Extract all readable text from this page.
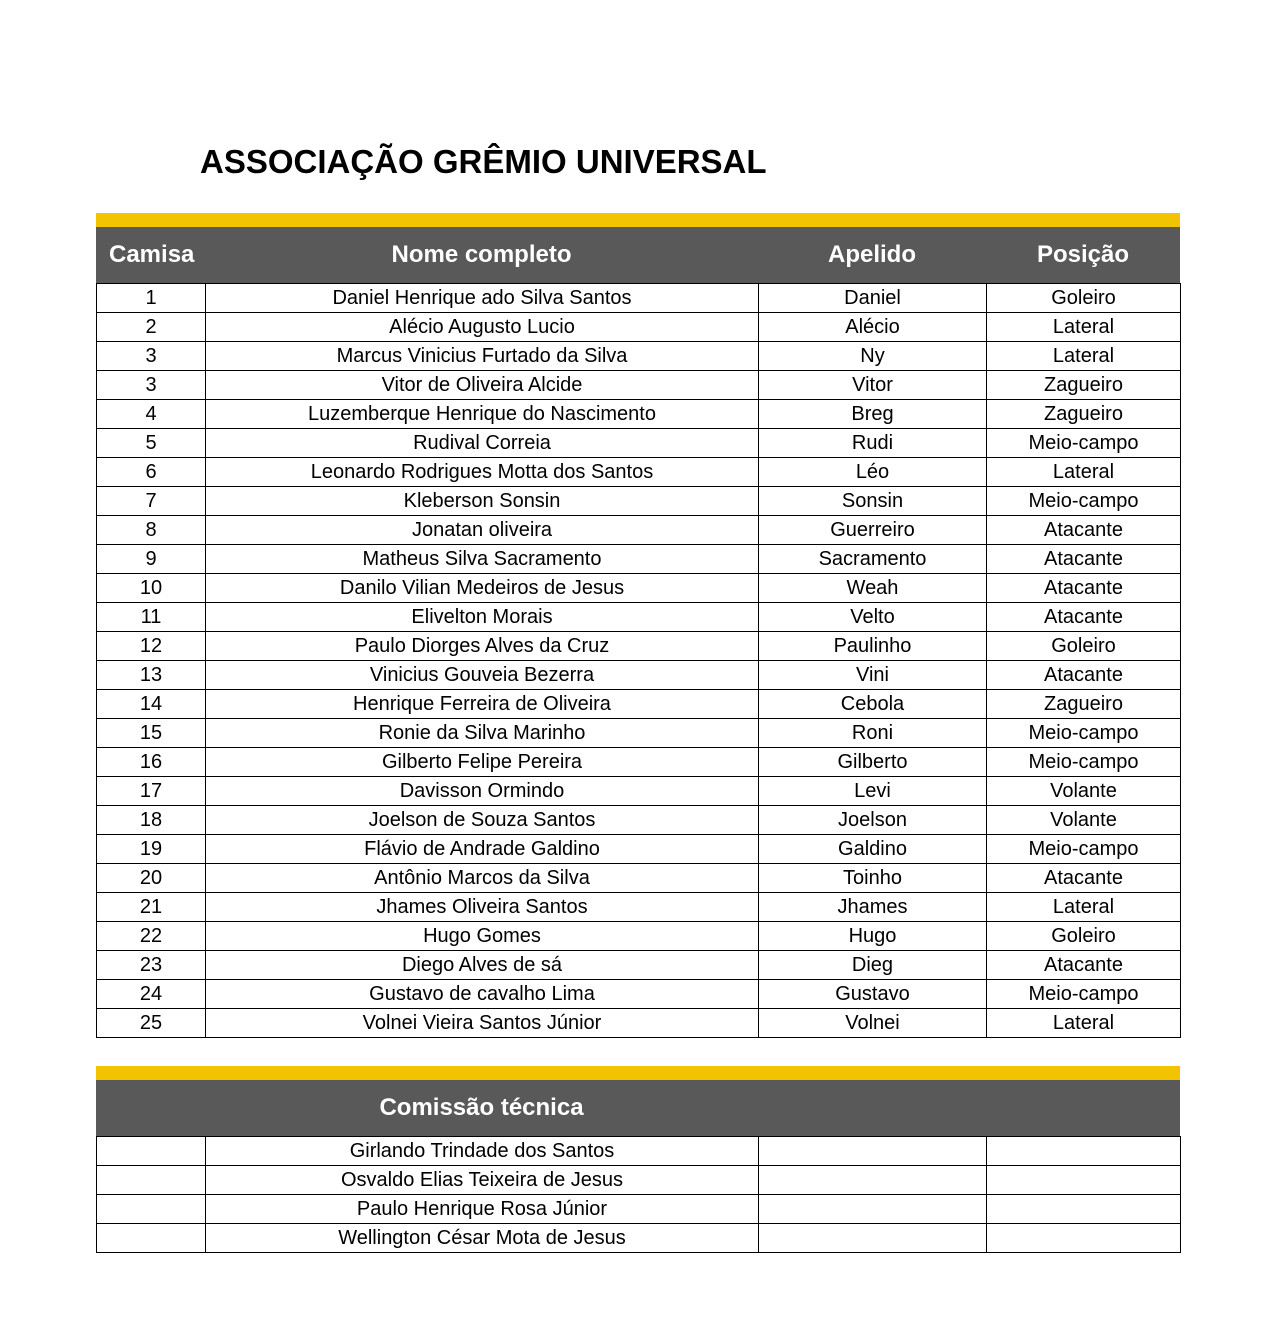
ASSOCIAÇÃO GRÊMIO UNIVERSAL
Camisa	Nome completo	Apelido	Posição
1	Daniel Henrique ado Silva Santos	Daniel	Goleiro
2	Alécio Augusto Lucio	Alécio	Lateral
3	Marcus Vinicius Furtado da Silva	Ny	Lateral
3	Vitor de Oliveira Alcide	Vitor	Zagueiro
4	Luzemberque Henrique do Nascimento	Breg	Zagueiro
5	Rudival Correia	Rudi	Meio-campo
6	Leonardo Rodrigues Motta dos Santos	Léo	Lateral
7	Kleberson Sonsin	Sonsin	Meio-campo
8	Jonatan oliveira	Guerreiro	Atacante
9	Matheus Silva Sacramento	Sacramento	Atacante
10	Danilo Vilian Medeiros de Jesus	Weah	Atacante
11	Elivelton Morais	Velto	Atacante
12	Paulo Diorges Alves da Cruz	Paulinho	Goleiro
13	Vinicius Gouveia Bezerra	Vini	Atacante
14	Henrique Ferreira de Oliveira	Cebola	Zagueiro
15	Ronie da Silva Marinho	Roni	Meio-campo
16	Gilberto Felipe Pereira	Gilberto	Meio-campo
17	Davisson Ormindo	Levi	Volante
18	Joelson de Souza Santos	Joelson	Volante
19	Flávio de Andrade Galdino	Galdino	Meio-campo
20	Antônio Marcos da Silva	Toinho	Atacante
21	Jhames Oliveira Santos	Jhames	Lateral
22	Hugo Gomes	Hugo	Goleiro
23	Diego Alves de sá	Dieg	Atacante
24	Gustavo de cavalho Lima	Gustavo	Meio-campo
25	Volnei Vieira Santos Júnior	Volnei	Lateral
Comissão técnica
	Girlando Trindade dos Santos		
	Osvaldo Elias Teixeira de Jesus		
	Paulo Henrique Rosa Júnior		
	Wellington César Mota de Jesus		
